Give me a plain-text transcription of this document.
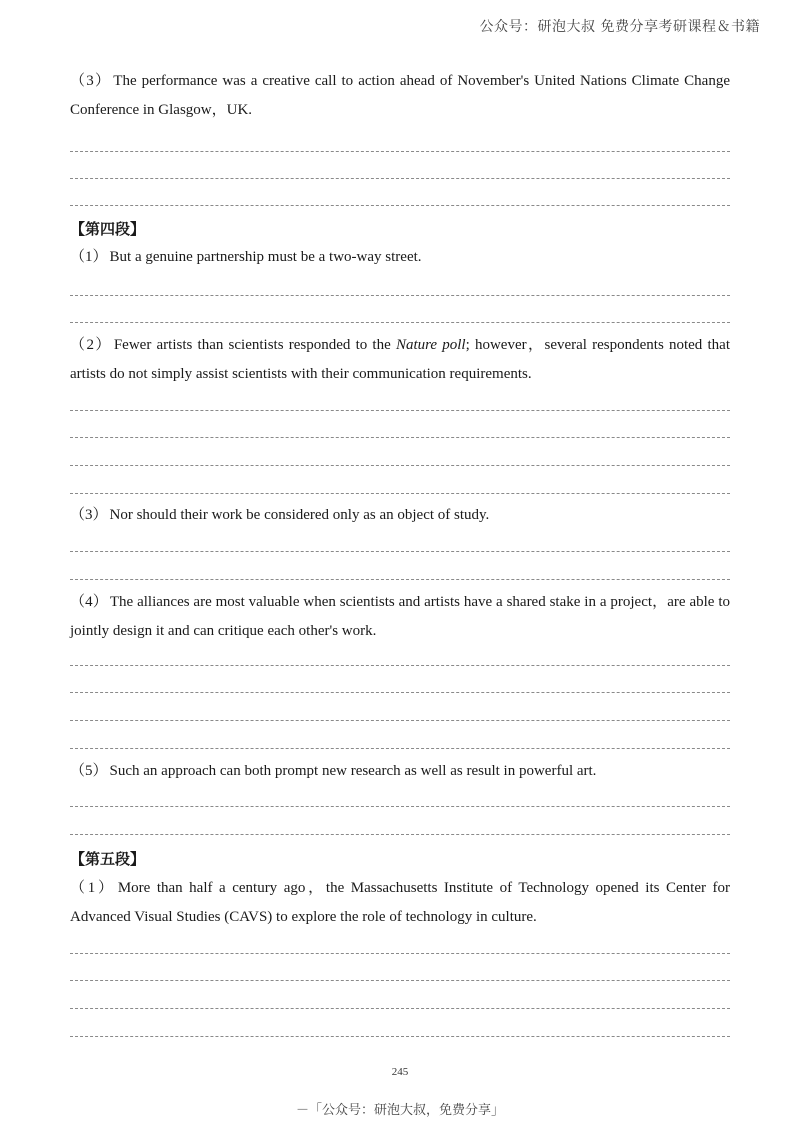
公众号：研泡大叔 免费分享考研课程＆书籍
（3） The performance was a creative call to action ahead of November's United Nations Climate Change Conference in Glasgow，UK.
【第四段】
（1） But a genuine partnership must be a two-way street.
（2） Fewer artists than scientists responded to the Nature poll; however，several respondents noted that artists do not simply assist scientists with their communication requirements.
（3） Nor should their work be considered only as an object of study.
（4） The alliances are most valuable when scientists and artists have a shared stake in a project，are able to jointly design it and can critique each other's work.
（5） Such an approach can both prompt new research as well as result in powerful art.
【第五段】
（1） More than half a century ago，the Massachusetts Institute of Technology opened its Center for Advanced Visual Studies (CAVS) to explore the role of technology in culture.
245
－「公众号：研泡大叔，免费分享」
